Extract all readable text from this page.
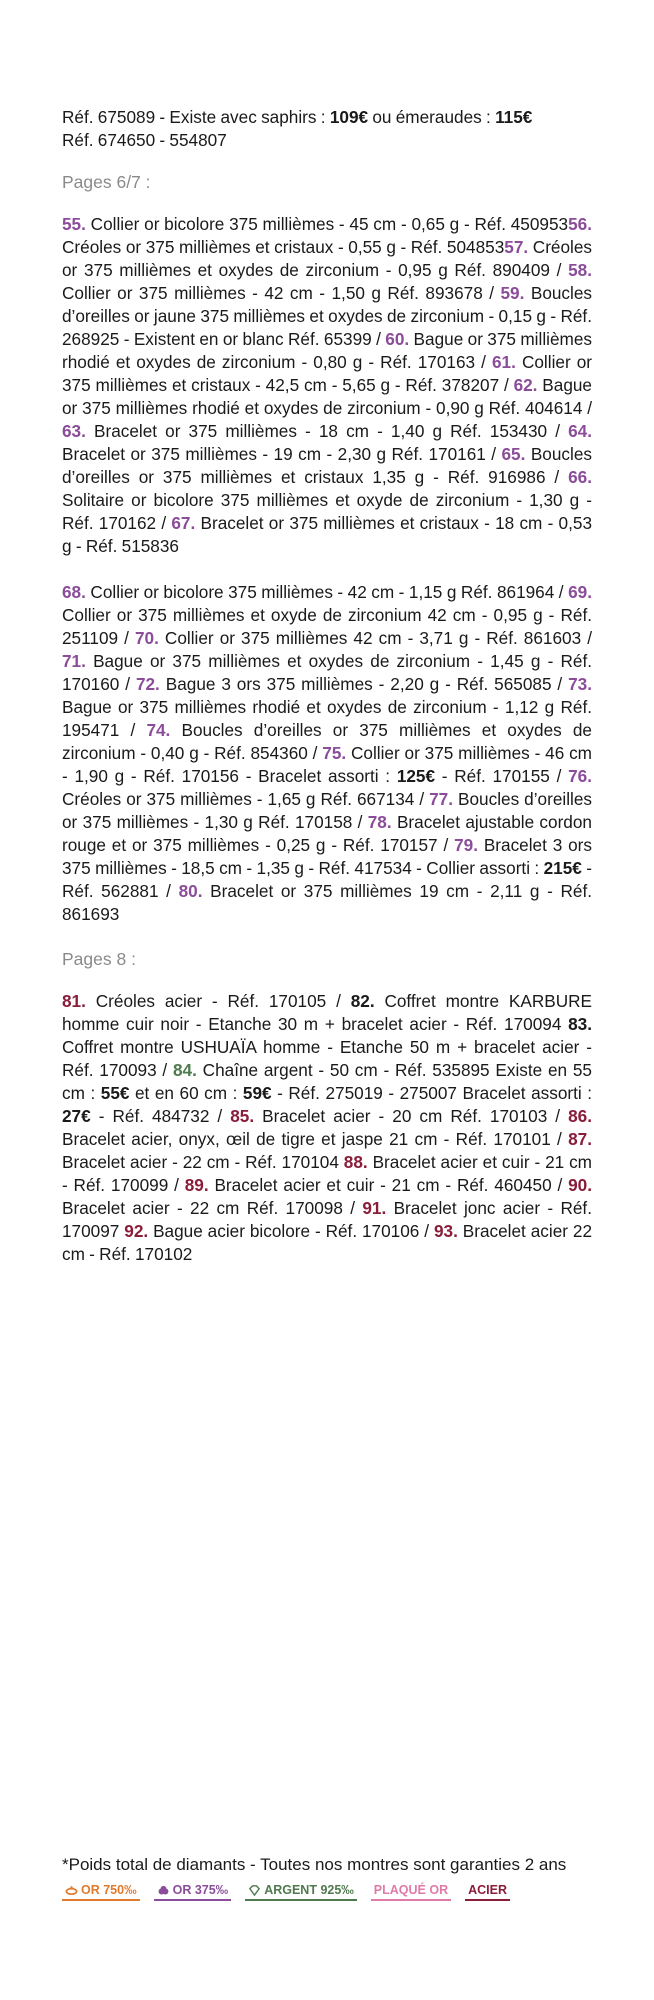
Réf. 675089 - Existe avec saphirs : 109€ ou émeraudes : 115€
Réf. 674650 - 554807

Pages 6/7 :

55. Collier or bicolore 375 millièmes - 45 cm - 0,65 g - Réf. 45095356. Créoles or 375 millièmes et cristaux - 0,55 g - Réf. 50485357. Créoles or 375 millièmes et oxydes de zirconium - 0,95 g Réf. 890409 / 58. Collier or 375 millièmes - 42 cm - 1,50 g Réf. 893678 / 59. Boucles d’oreilles or jaune 375 millièmes et oxydes de zirconium - 0,15 g - Réf. 268925 - Existent en or blanc Réf. 65399 / 60. Bague or 375 millièmes rhodié et oxydes de zirconium - 0,80 g - Réf. 170163 / 61. Collier or 375 millièmes et cristaux - 42,5 cm - 5,65 g - Réf. 378207 / 62. Bague or 375 millièmes rhodié et oxydes de zirconium - 0,90 g Réf. 404614 / 63. Bracelet or 375 millièmes - 18 cm - 1,40 g Réf. 153430 / 64. Bracelet or 375 millièmes - 19 cm - 2,30 g Réf. 170161 / 65. Boucles d’oreilles or 375 millièmes et cristaux 1,35 g - Réf. 916986 / 66. Solitaire or bicolore 375 millièmes et oxyde de zirconium - 1,30 g - Réf. 170162 / 67. Bracelet or 375 millièmes et cristaux - 18 cm - 0,53 g - Réf. 515836
68. Collier or bicolore 375 millièmes - 42 cm - 1,15 g Réf. 861964 / 69. Collier or 375 millièmes et oxyde de zirconium 42 cm - 0,95 g - Réf. 251109 / 70. Collier or 375 millièmes 42 cm - 3,71 g - Réf. 861603 / 71. Bague or 375 millièmes et oxydes de zirconium - 1,45 g - Réf. 170160 / 72. Bague 3 ors 375 millièmes - 2,20 g - Réf. 565085 / 73. Bague or 375 millièmes rhodié et oxydes de zirconium - 1,12 g Réf. 195471 / 74. Boucles d’oreilles or 375 millièmes et oxydes de zirconium - 0,40 g - Réf. 854360 / 75. Collier or 375 millièmes - 46 cm - 1,90 g - Réf. 170156 - Bracelet assorti : 125€ - Réf. 170155 / 76. Créoles or 375 millièmes - 1,65 g Réf. 667134 / 77. Boucles d’oreilles or 375 millièmes - 1,30 g Réf. 170158 / 78. Bracelet ajustable cordon rouge et or 375 millièmes - 0,25 g - Réf. 170157 / 79. Bracelet 3 ors 375 millièmes - 18,5 cm - 1,35 g - Réf. 417534 - Collier assorti : 215€ - Réf. 562881 / 80. Bracelet or 375 millièmes 19 cm - 2,11 g - Réf. 861693

Pages 8 :

81. Créoles acier - Réf. 170105 / 82. Coffret montre KARBURE homme cuir noir - Etanche 30 m + bracelet acier - Réf. 170094 83. Coffret montre USHUAÏA homme - Etanche 50 m + bracelet acier - Réf. 170093 / 84. Chaîne argent - 50 cm - Réf. 535895 Existe en 55 cm : 55€ et en 60 cm : 59€ - Réf. 275019 - 275007 Bracelet assorti : 27€ - Réf. 484732 / 85. Bracelet acier - 20 cm Réf. 170103 / 86. Bracelet acier, onyx, œil de tigre et jaspe 21 cm - Réf. 170101 / 87. Bracelet acier - 22 cm - Réf. 170104 88. Bracelet acier et cuir - 21 cm - Réf. 170099 / 89. Bracelet acier et cuir - 21 cm - Réf. 460450 / 90. Bracelet acier - 22 cm Réf. 170098 / 91. Bracelet jonc acier - Réf. 170097 92. Bague acier bicolore - Réf. 170106 / 93. Bracelet acier 22 cm - Réf. 170102

*Poids total de diamants - Toutes nos montres sont garanties 2 ans

OR 750‰	OR 375‰	ARGENT 925‰ PLAQUÉ OR ACIER
